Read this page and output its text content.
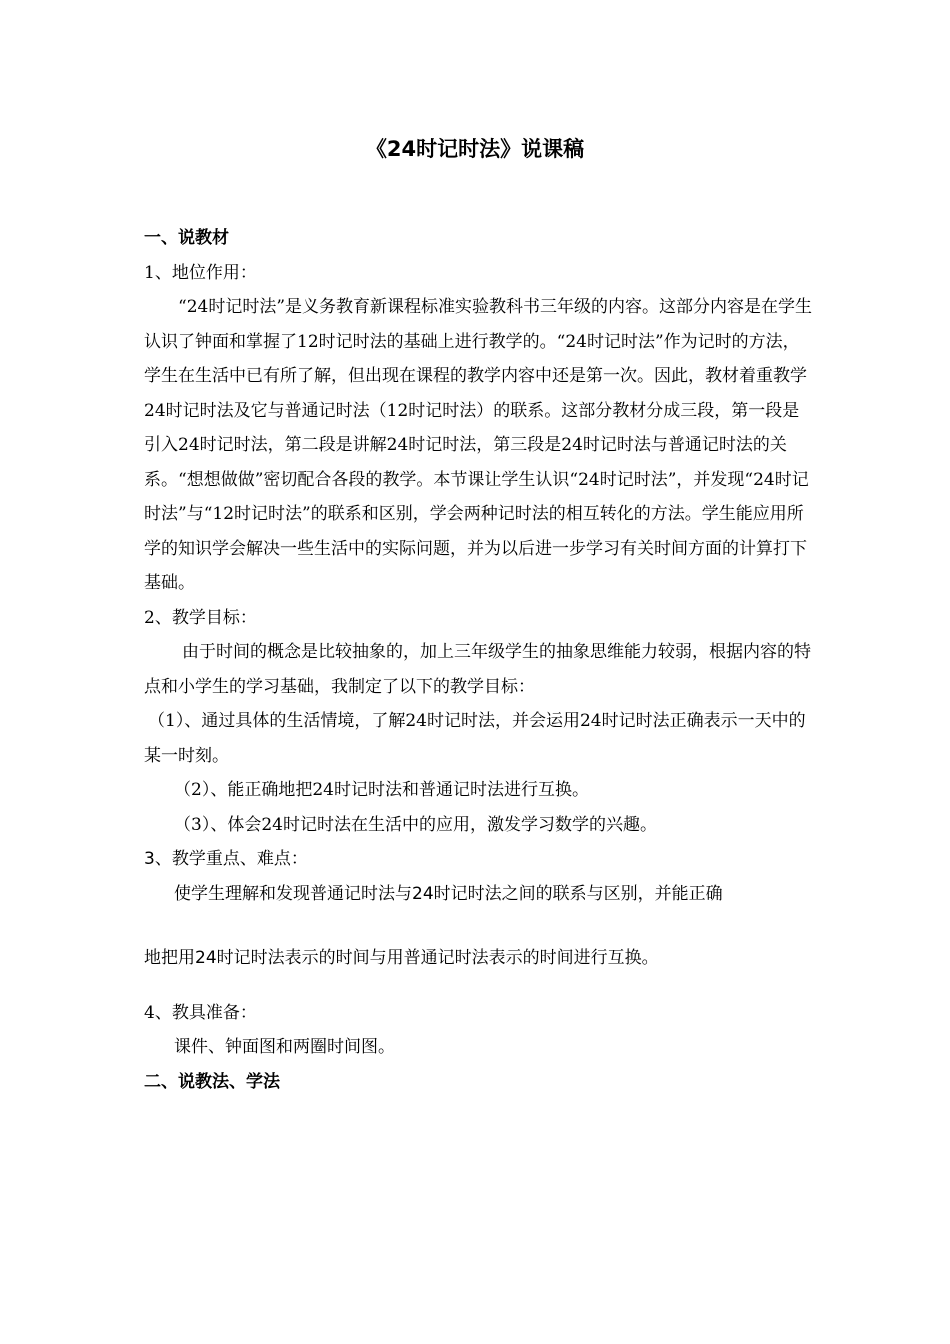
《24时记时法》说课稿

一、说教材

1、地位作用：

“24时记时法”是义务教育新课程标准实验教科书三年级的内容。这部分内容是在学生认识了钟面和掌握了12时记时法的基础上进行教学的。“24时记时法”作为记时的方法，学生在生活中已有所了解，但出现在课程的教学内容中还是第一次。因此，教材着重教学24时记时法及它与普通记时法（12时记时法）的联系。这部分教材分成三段，第一段是引入24时记时法，第二段是讲解24时记时法，第三段是24时记时法与普通记时法的关系。“想想做做”密切配合各段的教学。本节课让学生认识“24时记时法”，并发现“24时记时法”与“12时记时法”的联系和区别，学会两种记时法的相互转化的方法。学生能应用所学的知识学会解决一些生活中的实际问题，并为以后进一步学习有关时间方面的计算打下基础。

2、教学目标：

由于时间的概念是比较抽象的，加上三年级学生的抽象思维能力较弱，根据内容的特点和小学生的学习基础，我制定了以下的教学目标：

（1）、通过具体的生活情境，了解24时记时法，并会运用24时记时法正确表示一天中的某一时刻。

（2）、能正确地把24时记时法和普通记时法进行互换。

（3）、体会24时记时法在生活中的应用，激发学习数学的兴趣。

3、教学重点、难点：

使学生理解和发现普通记时法与24时记时法之间的联系与区别，并能正确

地把用24时记时法表示的时间与用普通记时法表示的时间进行互换。

4、教具准备：

课件、钟面图和两圈时间图。

二、说教法、学法
